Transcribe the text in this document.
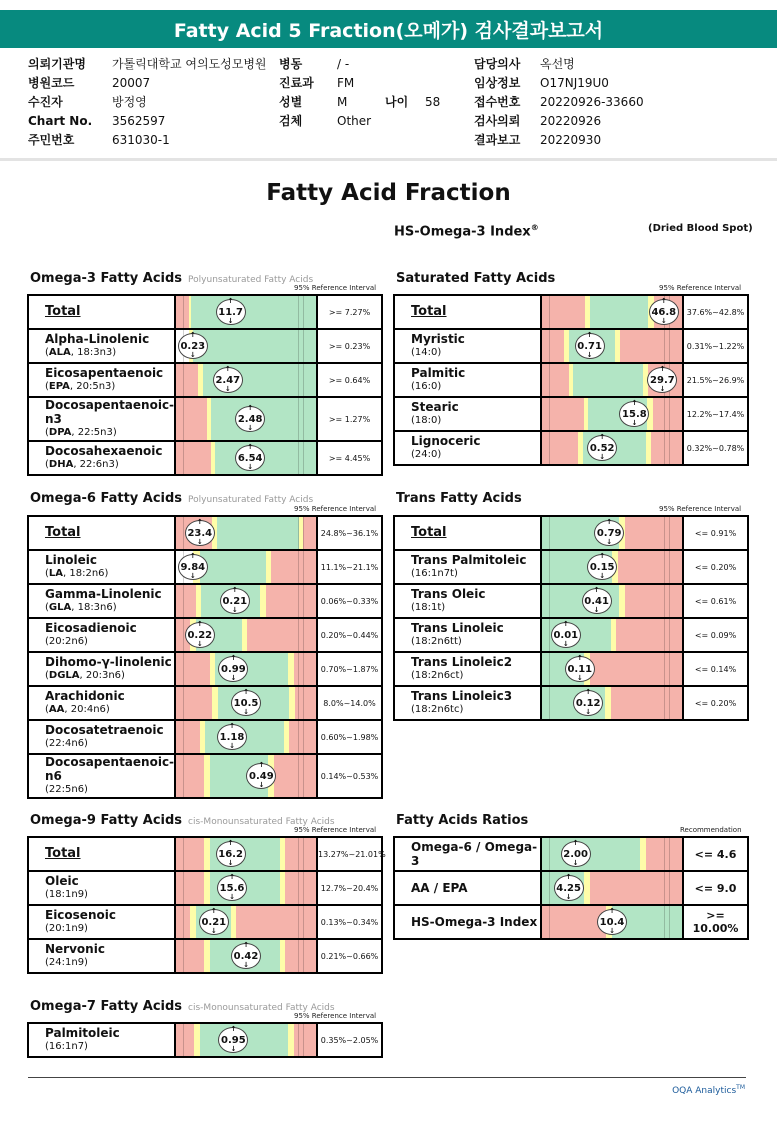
Fatty Acid 5 Fraction(오메가) 검사결과보고서
의뢰기관명 가톨릭대학교 여의도성모병원
병원코드	20007
수진자	방정영
Chart No. 3562597
주민번호	631030-1
병동	/ -
진료과 FM
성별	M	나이 58
검체	Other
담당의사 옥선명
임상정보 O17NJ19U0
접수번호 20220926-33660
검사의뢰 20220926
결과보고 20220930
Fatty Acid Fraction
HS-Omega-3 Index®	(Dried Blood Spot)
Omega-3 Fatty Acids Polyunsaturated Fatty Acids
95% Reference Interval
Total	↑ 11.7 ↓	>= 7.27%
Alpha-Linolenic
(ALA, 18:3n3)	↑ 0.23 ↓	>= 0.23%
Eicosapentaenoic
(EPA, 20:5n3)	↑ 2.47 ↓	>= 0.64%
Docosapentaenoic-n3
(DPA, 22:5n3)	↑ 2.48 ↓	>= 1.27%
Docosahexaenoic
(DHA, 22:6n3)	↑ 6.54 ↓	>= 4.45%
Saturated Fatty Acids
95% Reference Interval
Total	↑ 46.8 ↓	37.6%~42.8%
Myristic
(14:0)	↑ 0.71 ↓	0.31%~1.22%
Palmitic
(16:0)	↑ 29.7 ↓	21.5%~26.9%
Stearic
(18:0)	↑ 15.8 ↓	12.2%~17.4%
Lignoceric
(24:0)	↑ 0.52 ↓	0.32%~0.78%
Omega-6 Fatty Acids Polyunsaturated Fatty Acids
95% Reference Interval
Total	↑ 23.4 ↓	24.8%~36.1%
Linoleic
(LA, 18:2n6)	↑ 9.84 ↓	11.1%~21.1%
Gamma-Linolenic
(GLA, 18:3n6)	↑ 0.21 ↓	0.06%~0.33%
Eicosadienoic
(20:2n6)	↑ 0.22 ↓	0.20%~0.44%
Dihomo-γ-linolenic
(DGLA, 20:3n6)	↑ 0.99 ↓	0.70%~1.87%
Arachidonic
(AA, 20:4n6)	↑ 10.5 ↓	8.0%~14.0%
Docosatetraenoic
(22:4n6)	↑ 1.18 ↓	0.60%~1.98%
Docosapentaenoic-n6
(22:5n6)	↑ 0.49 ↓	0.14%~0.53%
Trans Fatty Acids
95% Reference Interval
Total	↑ 0.79 ↓	<= 0.91%
Trans Palmitoleic
(16:1n7t)	↑ 0.15 ↓	<= 0.20%
Trans Oleic
(18:1t)	↑ 0.41 ↓	<= 0.61%
Trans Linoleic
(18:2n6tt)	↑ 0.01 ↓	<= 0.09%
Trans Linoleic2
(18:2n6ct)	↑ 0.11 ↓	<= 0.14%
Trans Linoleic3
(18:2n6tc)	↑ 0.12 ↓	<= 0.20%
Omega-9 Fatty Acids cis-Monounsaturated Fatty Acids
95% Reference Interval
Total	↑ 16.2 ↓	13.27%~21.01%
Oleic
(18:1n9)	↑ 15.6 ↓	12.7%~20.4%
Eicosenoic
(20:1n9)	↑ 0.21 ↓	0.13%~0.34%
Nervonic
(24:1n9)	↑ 0.42 ↓	0.21%~0.66%
Fatty Acids Ratios
Recommendation
Omega-6 / Omega-3	↑ 2.00 ↓	<= 4.6
AA / EPA	↑ 4.25 ↓	<= 9.0
HS-Omega-3 Index	↑ 10.4 ↓	>= 10.00%
Omega-7 Fatty Acids cis-Monounsaturated Fatty Acids
95% Reference Interval
Palmitoleic
(16:1n7)

↑ 0.95 ↓	0.35%~2.05%
OQA Analytics™
